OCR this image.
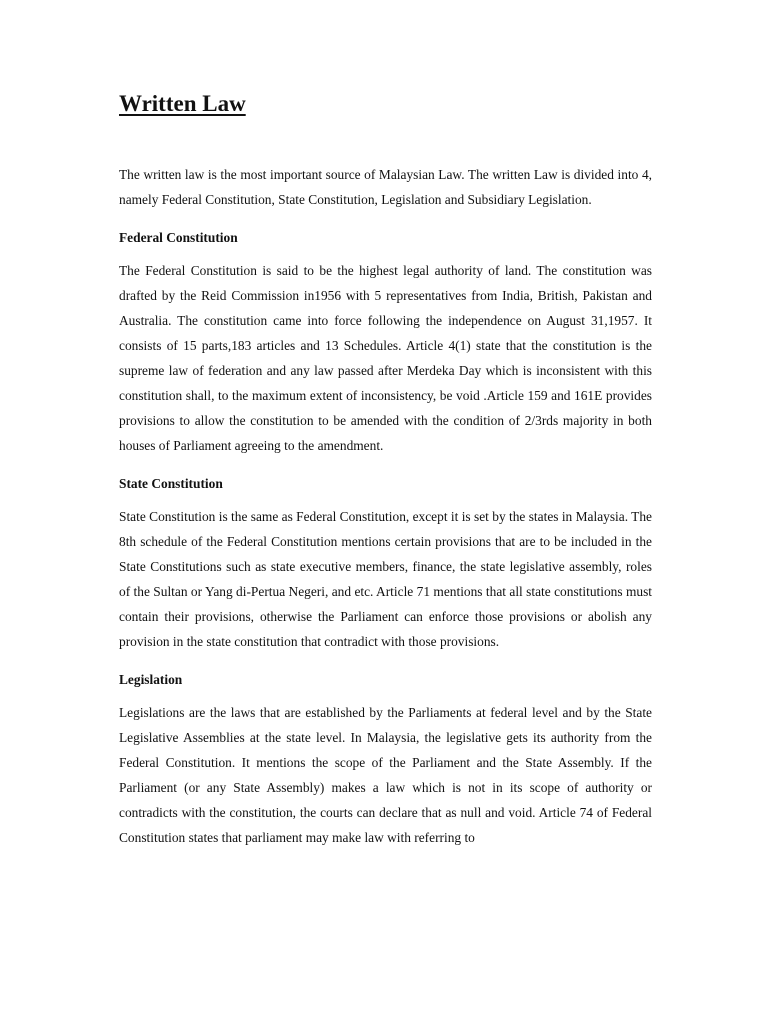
Written Law

The written law is the most important source of Malaysian Law. The written Law is divided into 4, namely Federal Constitution, State Constitution, Legislation and Subsidiary Legislation.

Federal Constitution

The Federal Constitution is said to be the highest legal authority of land. The constitution was drafted by the Reid Commission in1956 with 5 representatives from India, British, Pakistan and Australia. The constitution came into force following the independence on August 31,1957. It consists of 15 parts,183 articles and 13 Schedules. Article 4(1) state that the constitution is the supreme law of federation and any law passed after Merdeka Day which is inconsistent with this constitution shall, to the maximum extent of inconsistency, be void .Article 159 and 161E provides provisions to allow the constitution to be amended with the condition of 2/3rds majority in both houses of Parliament agreeing to the amendment.

State Constitution

State Constitution is the same as Federal Constitution, except it is set by the states in Malaysia. The 8th schedule of the Federal Constitution mentions certain provisions that are to be included in the State Constitutions such as state executive members, finance, the state legislative assembly, roles of the Sultan or Yang di-Pertua Negeri, and etc. Article 71 mentions that all state constitutions must contain their provisions, otherwise the Parliament can enforce those provisions or abolish any provision in the state constitution that contradict with those provisions.

Legislation

Legislations are the laws that are established by the Parliaments at federal level and by the State Legislative Assemblies at the state level. In Malaysia, the legislative gets its authority from the Federal Constitution. It mentions the scope of the Parliament and the State Assembly. If the Parliament (or any State Assembly) makes a law which is not in its scope of authority or contradicts with the constitution, the courts can declare that as null and void. Article 74 of Federal Constitution states that parliament may make law with referring to
